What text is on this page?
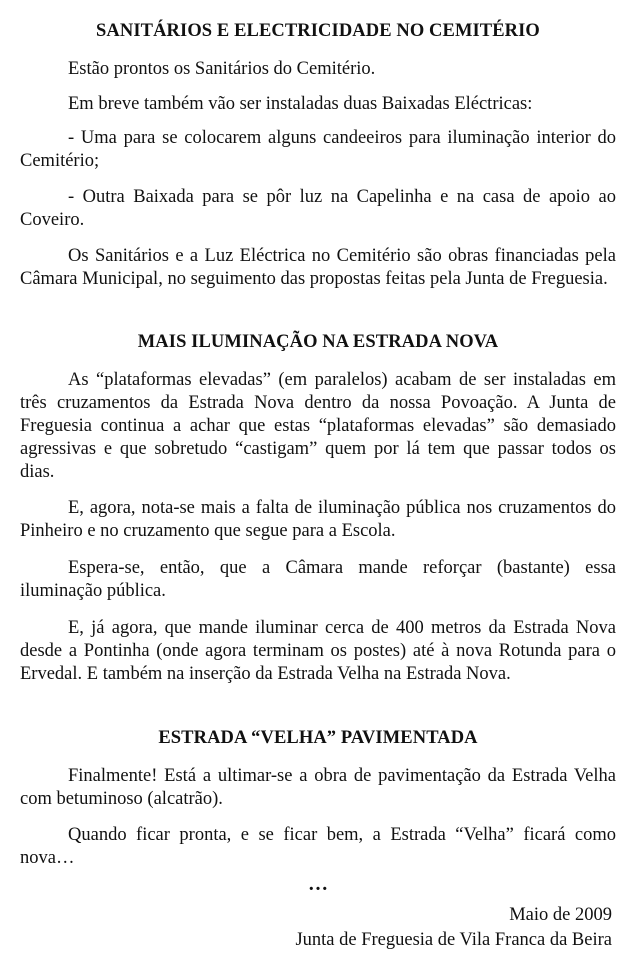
SANITÁRIOS E ELECTRICIDADE NO CEMITÉRIO
Estão prontos os Sanitários do Cemitério.
Em breve também vão ser instaladas duas Baixadas Eléctricas:
- Uma para se colocarem alguns candeeiros para iluminação interior do Cemitério;
- Outra Baixada para se pôr luz na Capelinha e na casa de apoio ao Coveiro.
Os Sanitários e a Luz Eléctrica no Cemitério são obras financiadas pela Câmara Municipal, no seguimento das propostas feitas pela Junta de Freguesia.
MAIS ILUMINAÇÃO NA ESTRADA NOVA
As “plataformas elevadas” (em paralelos) acabam de ser instaladas em três cruzamentos da Estrada Nova dentro da nossa Povoação. A Junta de Freguesia continua a achar que estas “plataformas elevadas” são demasiado agressivas e que sobretudo “castigam” quem por lá tem que passar todos os dias.
E, agora, nota-se mais a falta de iluminação pública nos cruzamentos do Pinheiro e no cruzamento que segue para a Escola.
Espera-se, então, que a Câmara mande reforçar (bastante) essa iluminação pública.
E, já agora, que mande iluminar cerca de 400 metros da Estrada Nova desde a Pontinha (onde agora terminam os postes) até à nova Rotunda para o Ervedal. E também na inserção da Estrada Velha na Estrada Nova.
ESTRADA “VELHA” PAVIMENTADA
Finalmente! Está a ultimar-se a obra de pavimentação da Estrada Velha com betuminoso (alcatrão).
Quando ficar pronta, e se ficar bem, a Estrada “Velha” ficará como nova…
…
Maio de 2009
Junta de Freguesia de Vila Franca da Beira
